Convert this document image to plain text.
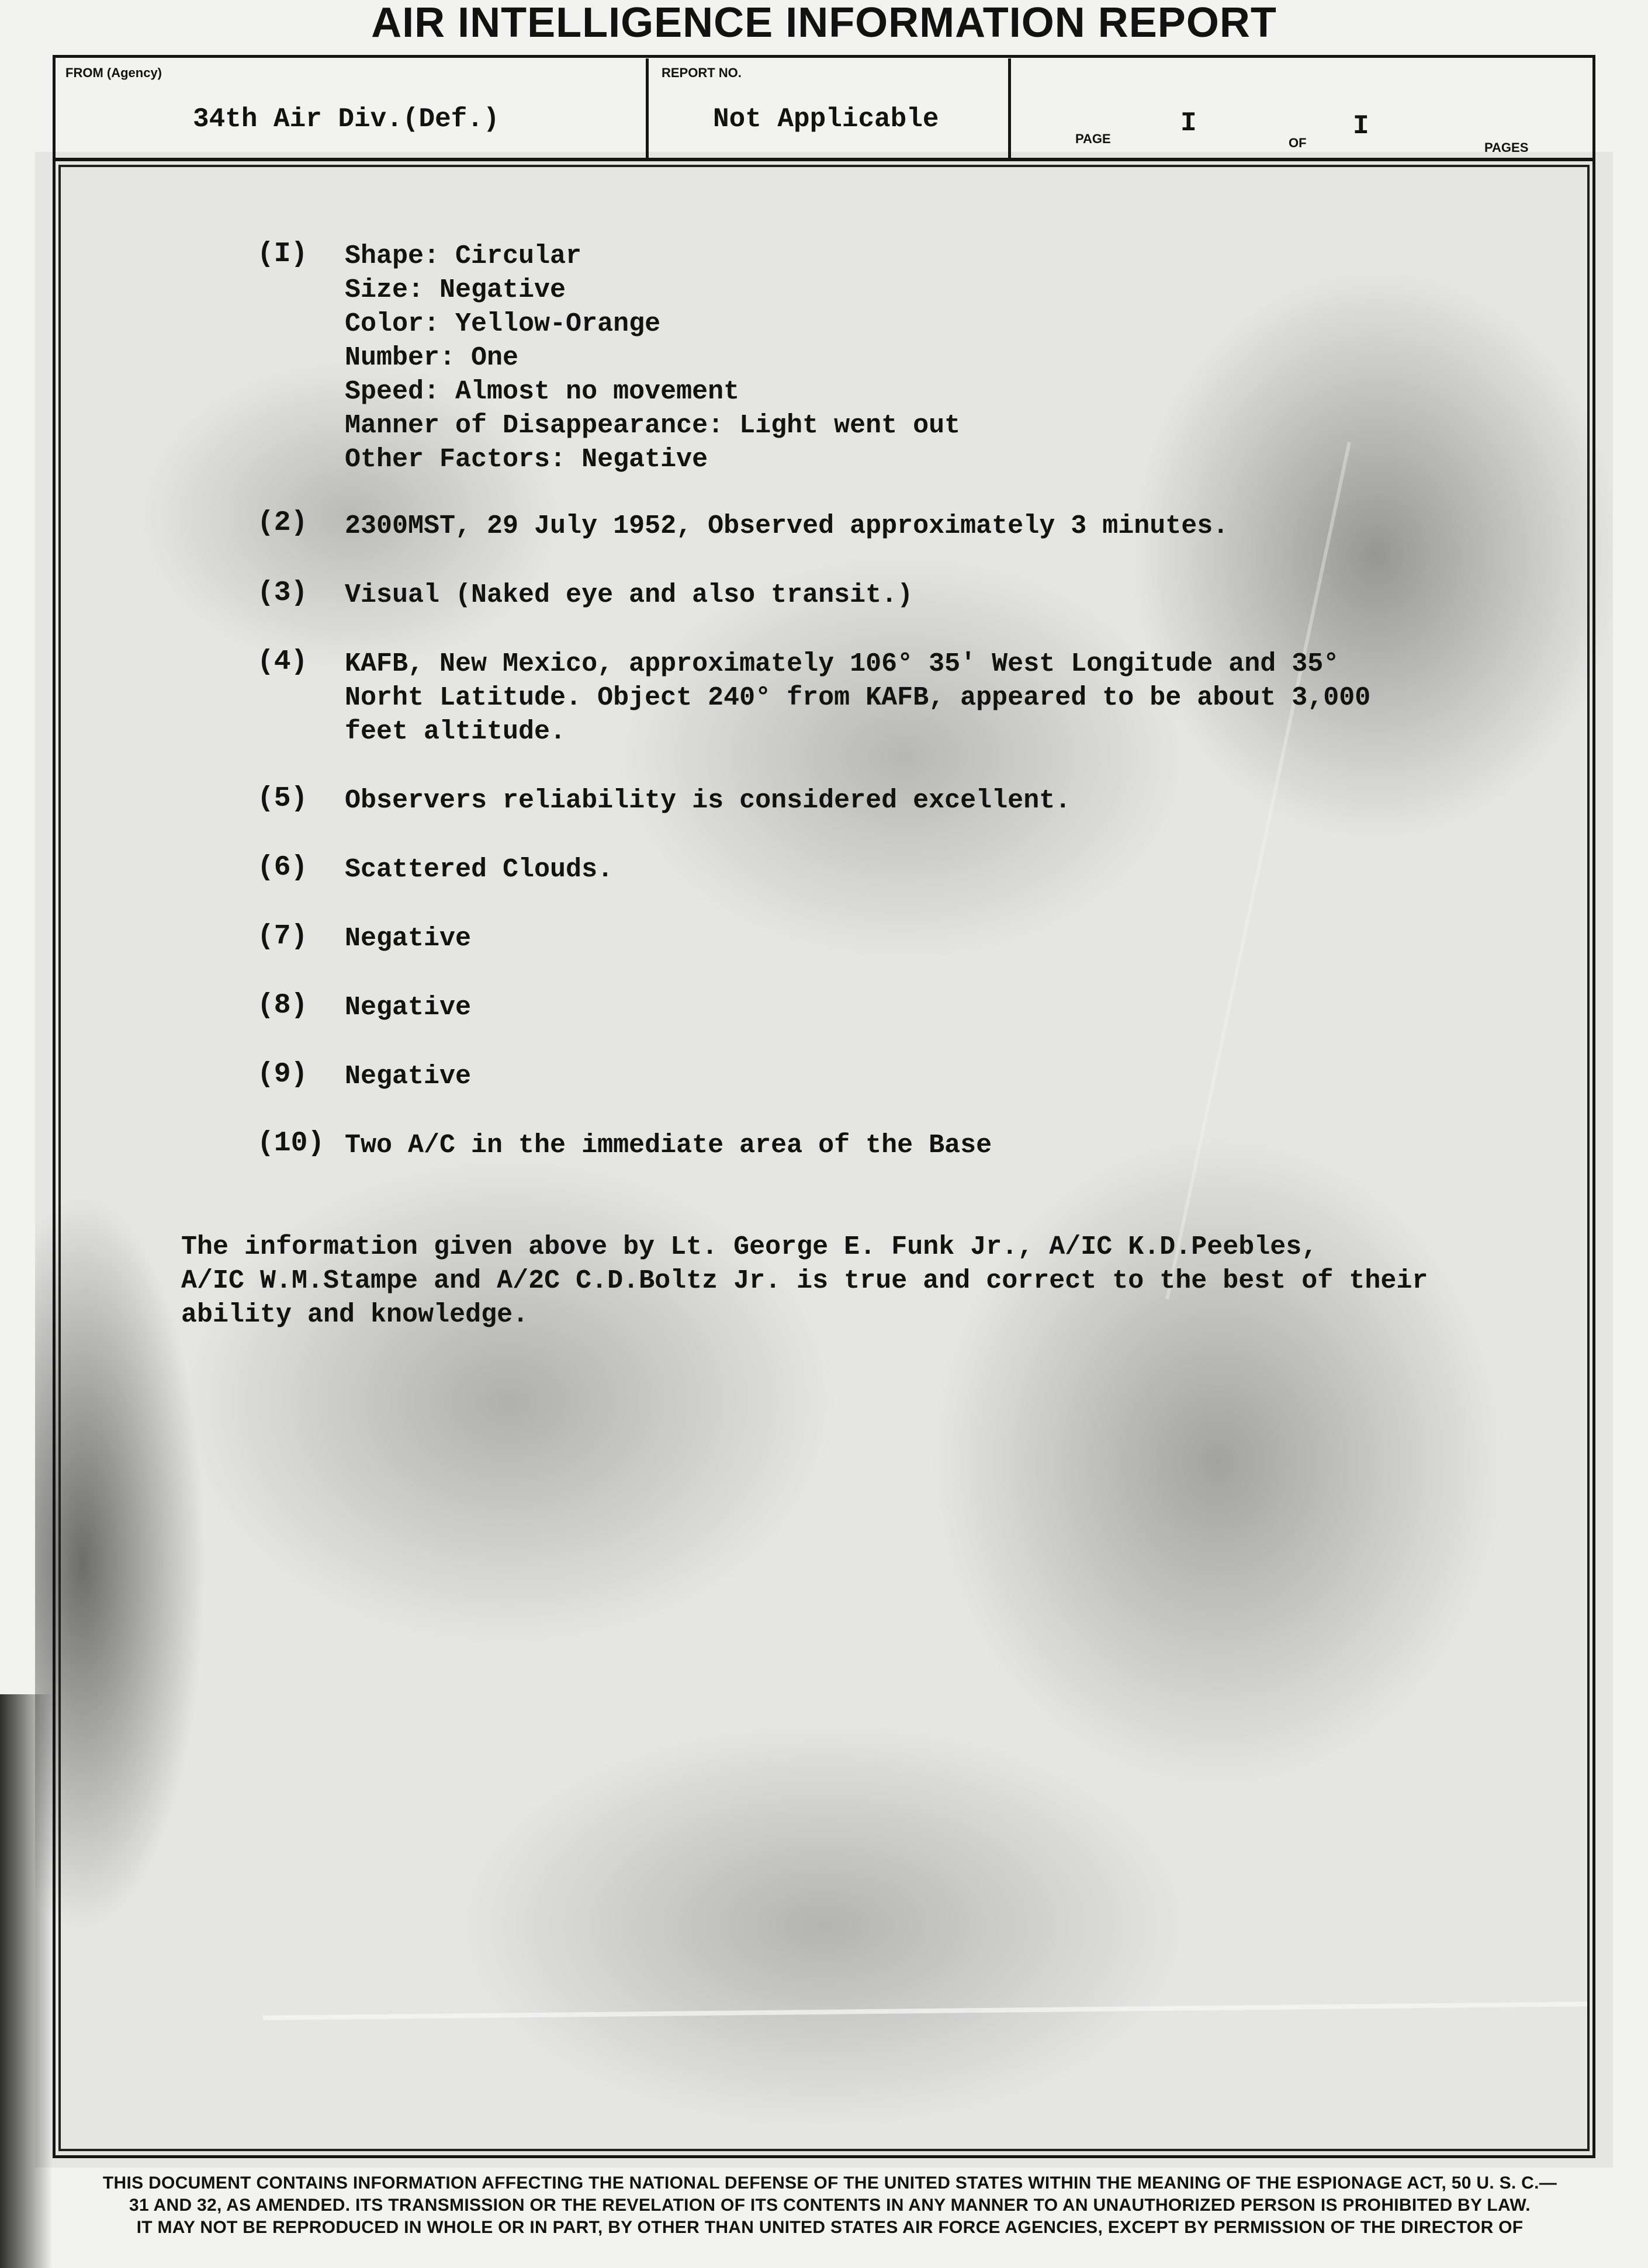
AIR INTELLIGENCE INFORMATION REPORT
FROM (Agency)
34th Air Div.(Def.)
REPORT NO.
Not Applicable
PAGE
I
OF
I
PAGES
(I) Shape: Circular
Size: Negative
Color: Yellow-Orange
Number: One
Speed: Almost no movement
Manner of Disappearance: Light went out
Other Factors: Negative
(2) 2300MST, 29 July 1952, Observed approximately 3 minutes.
(3) Visual (Naked eye and also transit.)
(4) KAFB, New Mexico, approximately 106° 35' West Longitude and 35°
Norht Latitude. Object 240° from KAFB, appeared to be about 3,000
feet altitude.
(5) Observers reliability is considered excellent.
(6) Scattered Clouds.
(7) Negative
(8) Negative
(9) Negative
(10) Two A/C in the immediate area of the Base
The information given above by Lt. George E. Funk Jr., A/IC K.D.Peebles,
A/IC W.M.Stampe and A/2C C.D.Boltz Jr. is true and correct to the best of their
ability and knowledge.
THIS DOCUMENT CONTAINS INFORMATION AFFECTING THE NATIONAL DEFENSE OF THE UNITED STATES WITHIN THE MEANING OF THE ESPIONAGE ACT, 50 U. S. C.—
31 AND 32, AS AMENDED. ITS TRANSMISSION OR THE REVELATION OF ITS CONTENTS IN ANY MANNER TO AN UNAUTHORIZED PERSON IS PROHIBITED BY LAW.
IT MAY NOT BE REPRODUCED IN WHOLE OR IN PART, BY OTHER THAN UNITED STATES AIR FORCE AGENCIES, EXCEPT BY PERMISSION OF THE DIRECTOR OF
